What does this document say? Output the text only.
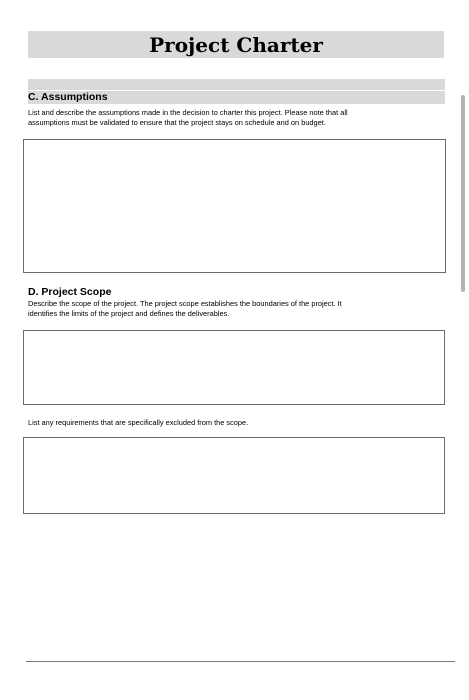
Project Charter
C. Assumptions
List and describe the assumptions made in the decision to charter this project. Please note that all
assumptions must be validated to ensure that the project stays on schedule and on budget.
D. Project Scope
Describe the scope of the project. The project scope establishes the boundaries of the project. It
identifies the limits of the project and defines the deliverables.
List any requirements that are specifically excluded from the scope.
